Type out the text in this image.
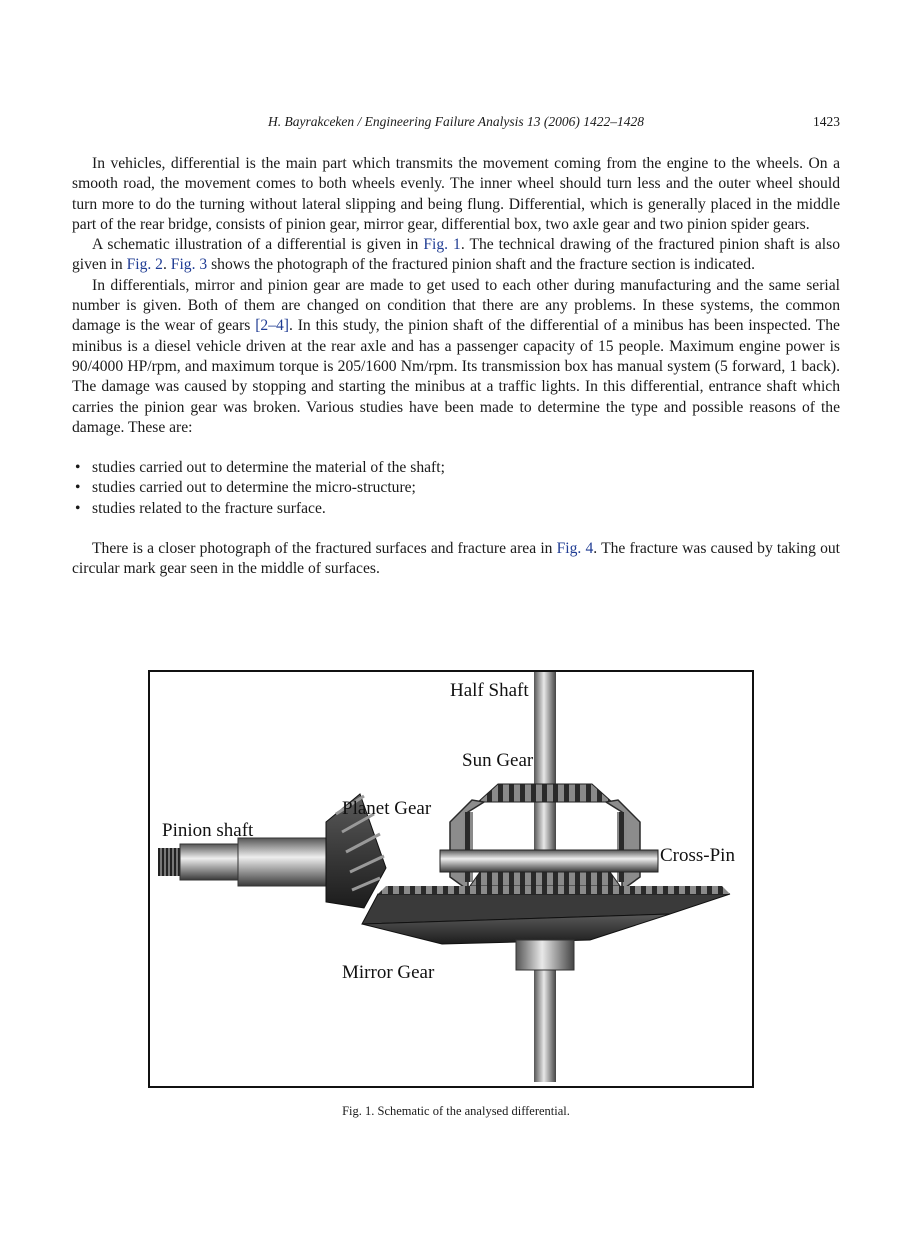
H. Bayrakceken / Engineering Failure Analysis 13 (2006) 1422–1428	1423

In vehicles, differential is the main part which transmits the movement coming from the engine to the wheels. On a smooth road, the movement comes to both wheels evenly. The inner wheel should turn less and the outer wheel should turn more to do the turning without lateral slipping and being flung. Differential, which is generally placed in the middle part of the rear bridge, consists of pinion gear, mirror gear, differential box, two axle gear and two pinion spider gears.

A schematic illustration of a differential is given in Fig. 1. The technical drawing of the fractured pinion shaft is also given in Fig. 2. Fig. 3 shows the photograph of the fractured pinion shaft and the fracture section is indicated.

In differentials, mirror and pinion gear are made to get used to each other during manufacturing and the same serial number is given. Both of them are changed on condition that there are any problems. In these systems, the common damage is the wear of gears [2–4]. In this study, the pinion shaft of the differential of a minibus has been inspected. The minibus is a diesel vehicle driven at the rear axle and has a passenger capacity of 15 people. Maximum engine power is 90/4000 HP/rpm, and maximum torque is 205/1600 Nm/rpm. Its transmission box has manual system (5 forward, 1 back). The damage was caused by stopping and starting the minibus at a traffic lights. In this differential, entrance shaft which carries the pinion gear was broken. Various studies have been made to determine the type and possible reasons of the damage. These are:

• studies carried out to determine the material of the shaft;
• studies carried out to determine the micro-structure;
• studies related to the fracture surface.

There is a closer photograph of the fractured surfaces and fracture area in Fig. 4. The fracture was caused by taking out circular mark gear seen in the middle of surfaces.

Half Shaft
Sun Gear
Planet Gear
Pinion shaft
Cross-Pin
Mirror Gear
Fig. 1. Schematic of the analysed differential.
